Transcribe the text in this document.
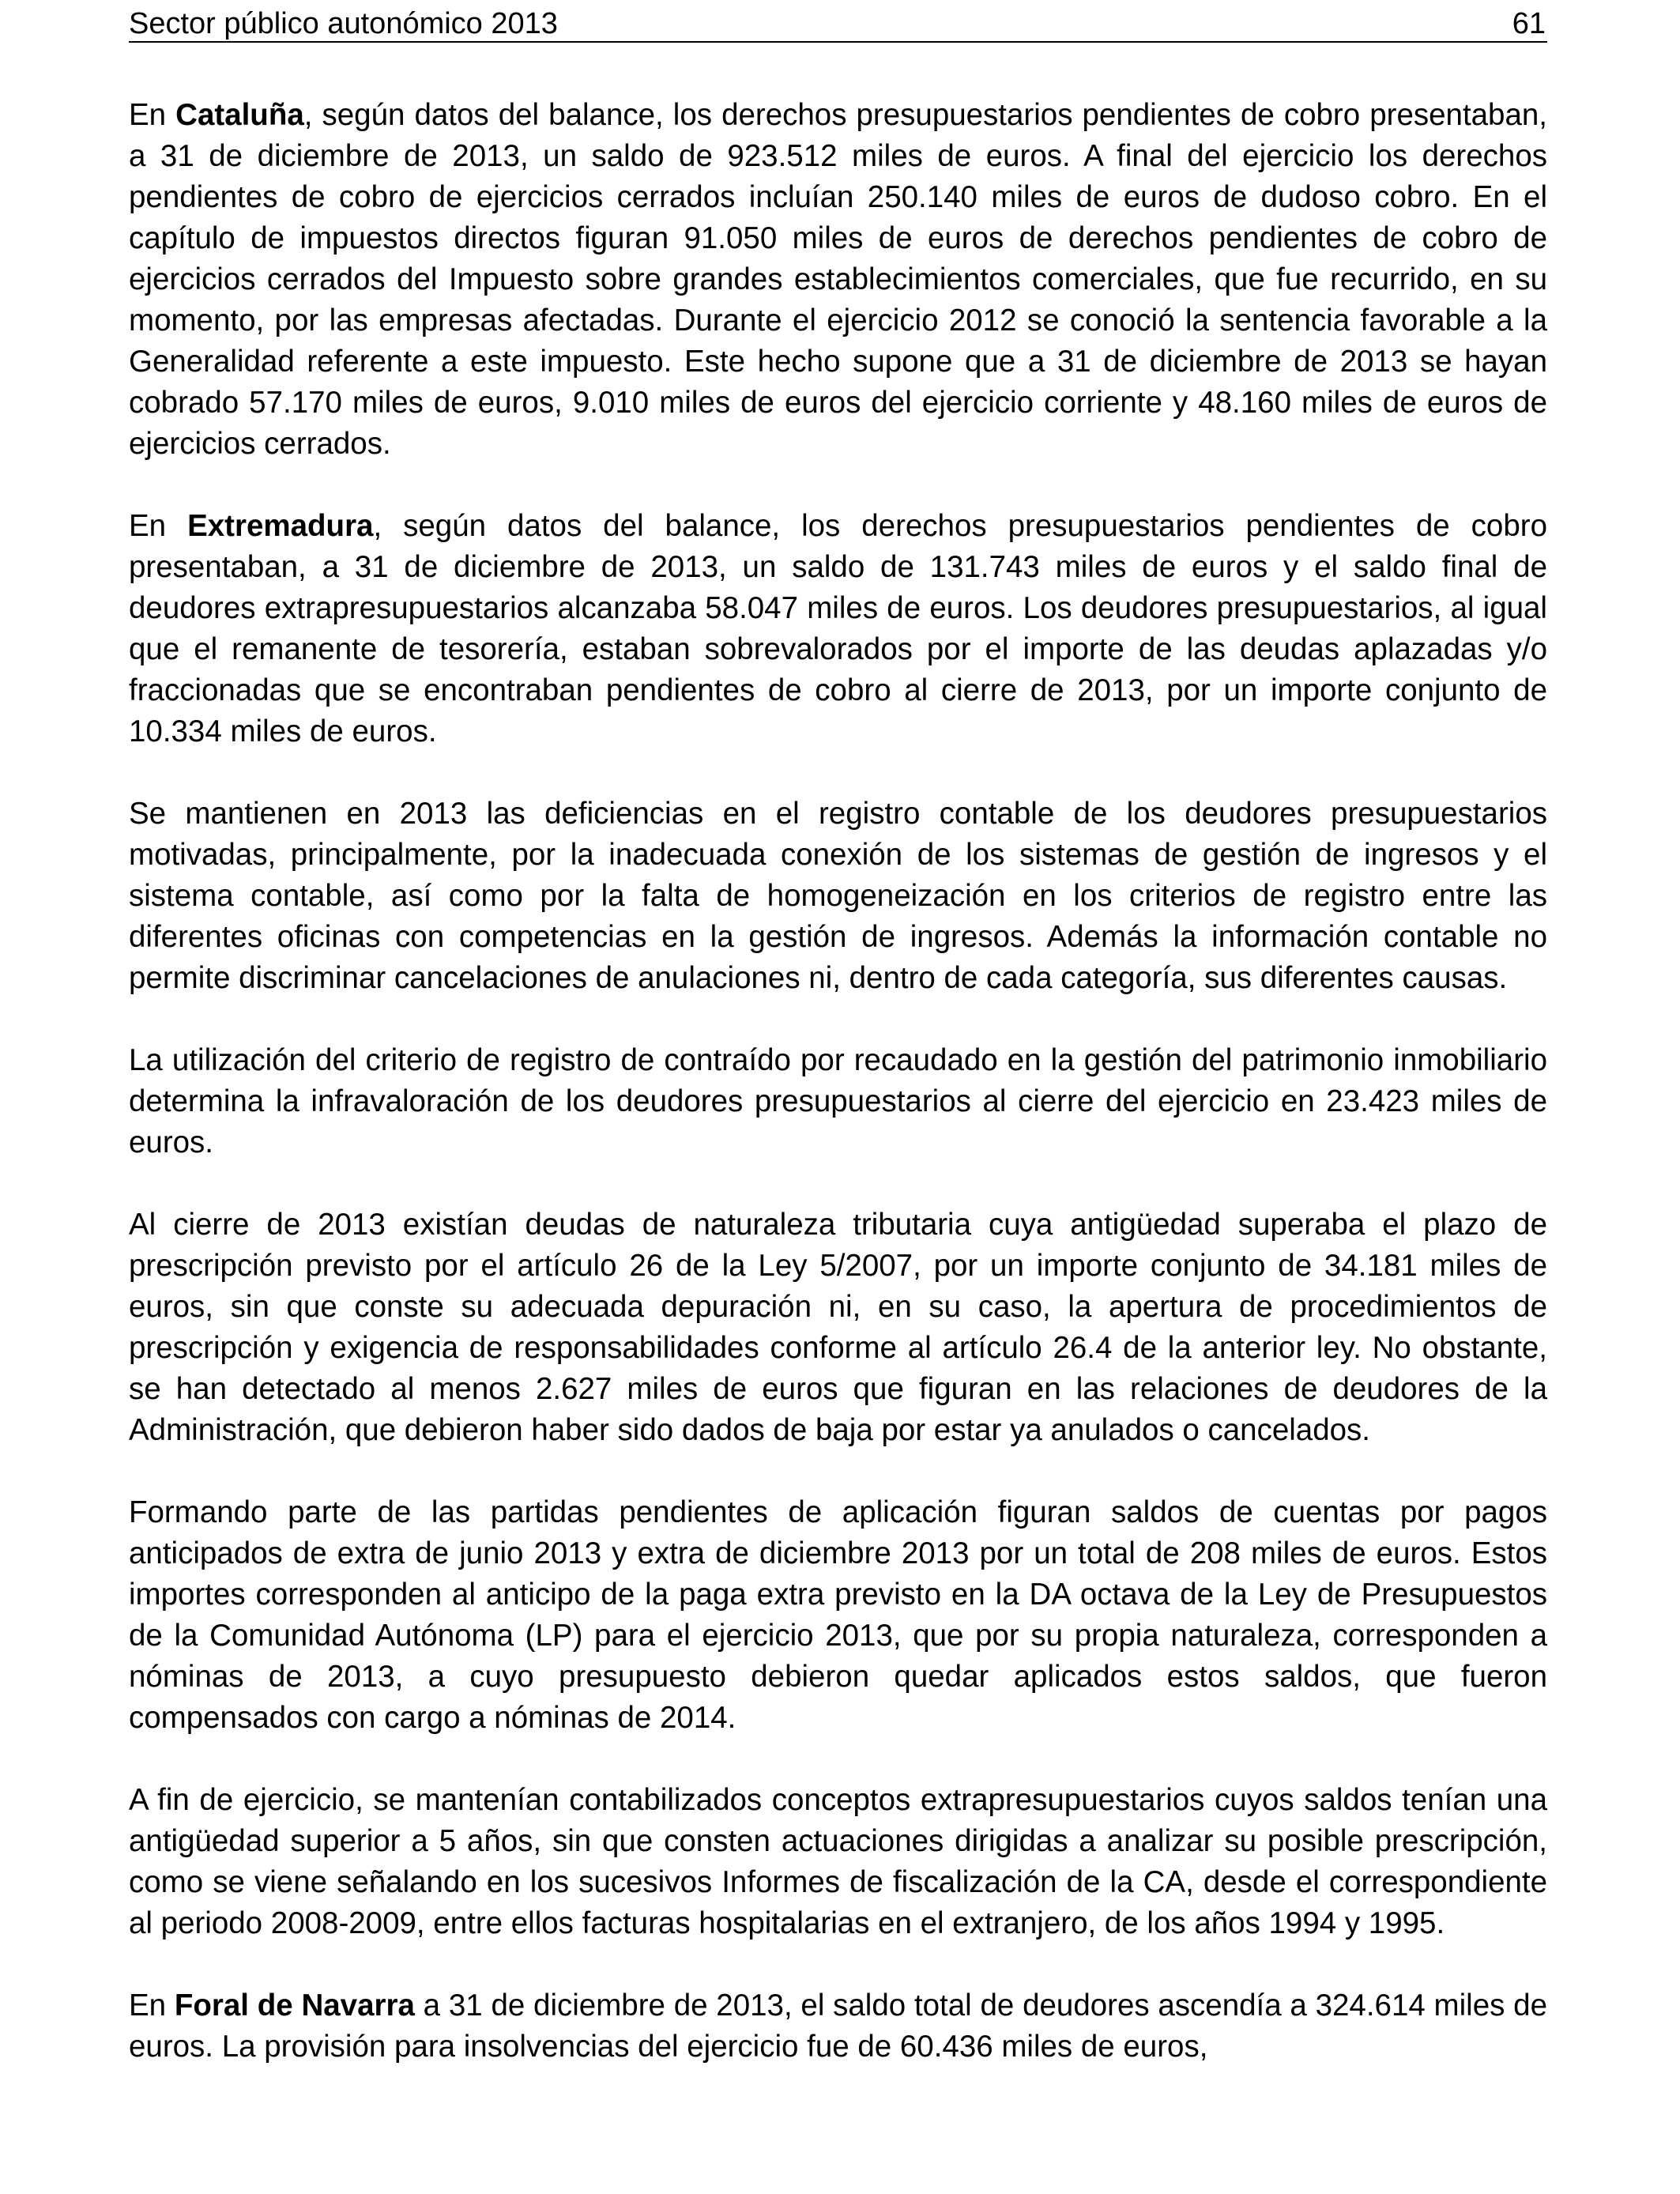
Sector público autonómico 2013	61

En Cataluña, según datos del balance, los derechos presupuestarios pendientes de cobro presentaban, a 31 de diciembre de 2013, un saldo de 923.512 miles de euros. A final del ejercicio los derechos pendientes de cobro de ejercicios cerrados incluían 250.140 miles de euros de dudoso cobro. En el capítulo de impuestos directos figuran 91.050 miles de euros de derechos pendientes de cobro de ejercicios cerrados del Impuesto sobre grandes establecimientos comerciales, que fue recurrido, en su momento, por las empresas afectadas. Durante el ejercicio 2012 se conoció la sentencia favorable a la Generalidad referente a este impuesto. Este hecho supone que a 31 de diciembre de 2013 se hayan cobrado 57.170 miles de euros, 9.010 miles de euros del ejercicio corriente y 48.160 miles de euros de ejercicios cerrados.

En Extremadura, según datos del balance, los derechos presupuestarios pendientes de cobro presentaban, a 31 de diciembre de 2013, un saldo de 131.743 miles de euros y el saldo final de deudores extrapresupuestarios alcanzaba 58.047 miles de euros. Los deudores presupuestarios, al igual que el remanente de tesorería, estaban sobrevalorados por el importe de las deudas aplazadas y/o fraccionadas que se encontraban pendientes de cobro al cierre de 2013, por un importe conjunto de 10.334 miles de euros.

Se mantienen en 2013 las deficiencias en el registro contable de los deudores presupuestarios motivadas, principalmente, por la inadecuada conexión de los sistemas de gestión de ingresos y el sistema contable, así como por la falta de homogeneización en los criterios de registro entre las diferentes oficinas con competencias en la gestión de ingresos. Además la información contable no permite discriminar cancelaciones de anulaciones ni, dentro de cada categoría, sus diferentes causas.

La utilización del criterio de registro de contraído por recaudado en la gestión del patrimonio inmobiliario determina la infravaloración de los deudores presupuestarios al cierre del ejercicio en 23.423 miles de euros.

Al cierre de 2013 existían deudas de naturaleza tributaria cuya antigüedad superaba el plazo de prescripción previsto por el artículo 26 de la Ley 5/2007, por un importe conjunto de 34.181 miles de euros, sin que conste su adecuada depuración ni, en su caso, la apertura de procedimientos de prescripción y exigencia de responsabilidades conforme al artículo 26.4 de la anterior ley. No obstante, se han detectado al menos 2.627 miles de euros que figuran en las relaciones de deudores de la Administración, que debieron haber sido dados de baja por estar ya anulados o cancelados.

Formando parte de las partidas pendientes de aplicación figuran saldos de cuentas por pagos anticipados de extra de junio 2013 y extra de diciembre 2013 por un total de 208 miles de euros. Estos importes corresponden al anticipo de la paga extra previsto en la DA octava de la Ley de Presupuestos de la Comunidad Autónoma (LP) para el ejercicio 2013, que por su propia naturaleza, corresponden a nóminas de 2013, a cuyo presupuesto debieron quedar aplicados estos saldos, que fueron compensados con cargo a nóminas de 2014.

A fin de ejercicio, se mantenían contabilizados conceptos extrapresupuestarios cuyos saldos tenían una antigüedad superior a 5 años, sin que consten actuaciones dirigidas a analizar su posible prescripción, como se viene señalando en los sucesivos Informes de fiscalización de la CA, desde el correspondiente al periodo 2008-2009, entre ellos facturas hospitalarias en el extranjero, de los años 1994 y 1995.

En Foral de Navarra a 31 de diciembre de 2013, el saldo total de deudores ascendía a 324.614 miles de euros. La provisión para insolvencias del ejercicio fue de 60.436 miles de euros,
